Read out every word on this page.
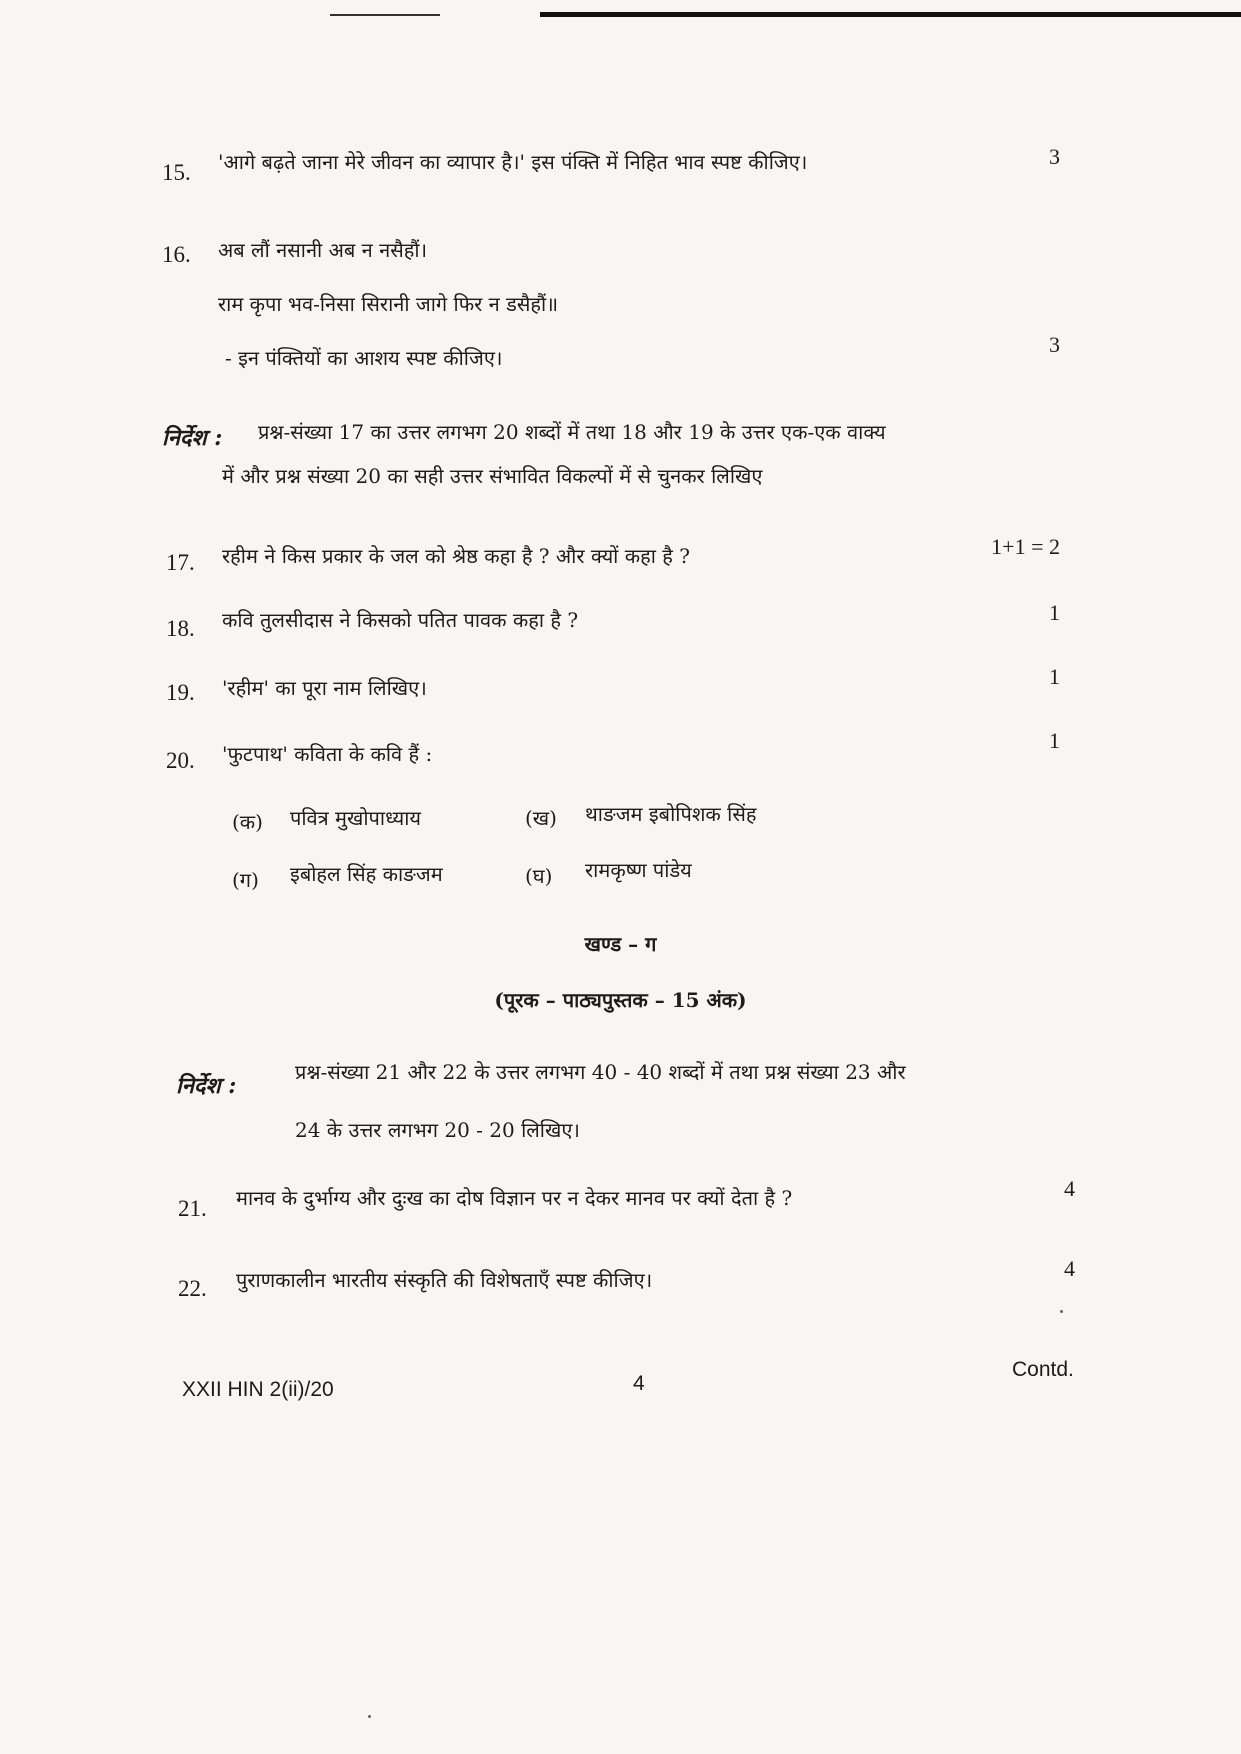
15. 'आगे बढ़ते जाना मेरे जीवन का व्यापार है।' इस पंक्ति में निहित भाव स्पष्ट कीजिए।	3
16. अब लौं नसानी अब न नसैहौं।
राम कृपा भव-निसा सिरानी जागे फिर न डसैहौं॥
- इन पंक्तियों का आशय स्पष्ट कीजिए।
3
निर्देश : प्रश्न-संख्या 17 का उत्तर लगभग 20 शब्दों में तथा 18 और 19 के उत्तर एक-एक वाक्य
में और प्रश्न संख्या 20 का सही उत्तर संभावित विकल्पों में से चुनकर लिखिए
17. रहीम ने किस प्रकार के जल को श्रेष्ठ कहा है ? और क्यों कहा है ?	1+1 = 2
18. कवि तुलसीदास ने किसको पतित पावक कहा है ?	1
19. 'रहीम' का पूरा नाम लिखिए।	1
20. 'फुटपाथ' कविता के कवि हैं :
1
(क) पवित्र मुखोपाध्याय	(ख) थाङजम इबोपिशक सिंह
(ग) इबोहल सिंह काङजम	(घ) रामकृष्ण पांडेय
खण्ड – ग
(पूरक – पाठ्यपुस्तक – 15 अंक)
निर्देश :
प्रश्न-संख्या 21 और 22 के उत्तर लगभग 40 - 40 शब्दों में तथा प्रश्न संख्या 23 और
24 के उत्तर लगभग 20 - 20 लिखिए।
21. मानव के दुर्भाग्य और दुःख का दोष विज्ञान पर न देकर मानव पर क्यों देता है ?	4
22. पुराणकालीन भारतीय संस्कृति की विशेषताएँ स्पष्ट कीजिए।	4
XXII HIN 2(ii)/20	4
Contd.
